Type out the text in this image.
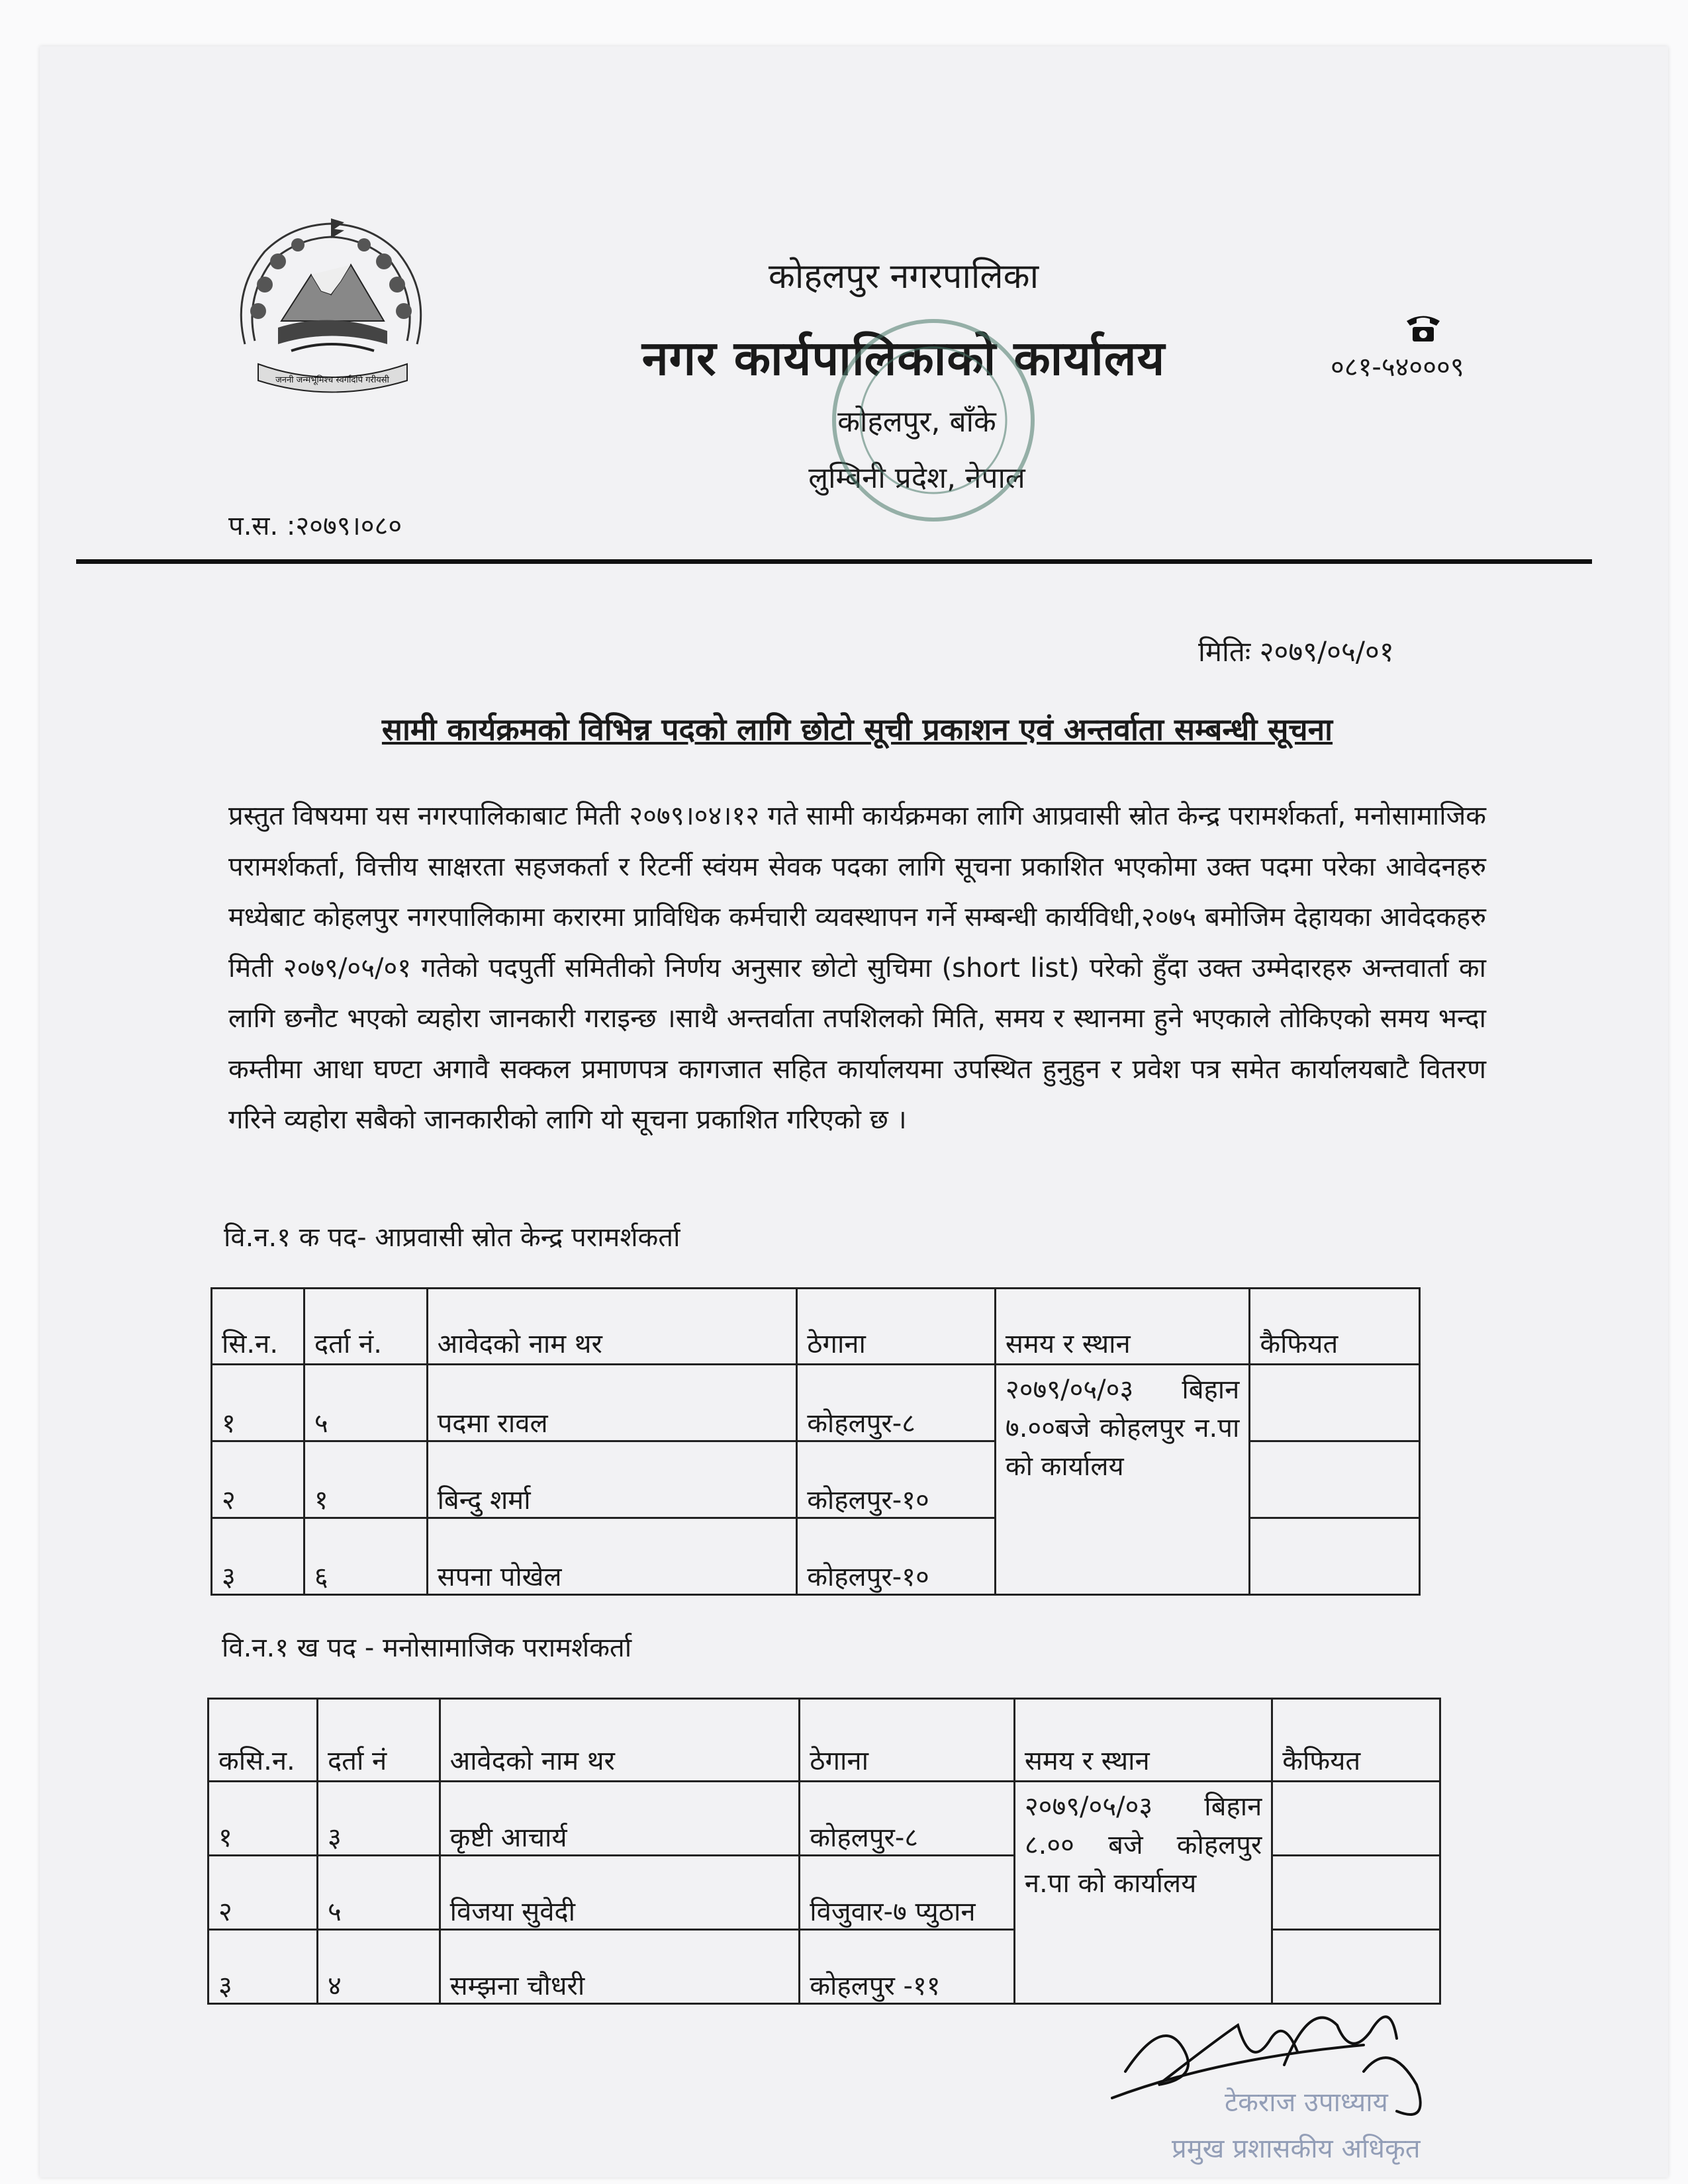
जननी जन्मभूमिश्च स्वर्गादपि गरीयसी
कोहलपुर नगरपालिका
नगर कार्यपालिकाको कार्यालय
कोहलपुर, बाँके
लुम्बिनी प्रदेश, नेपाल
०८१-५४०००९
प.स. :२०७९।०८०
मितिः २०७९/०५/०१
सामी कार्यक्रमको विभिन्न पदको लागि छोटो सूची प्रकाशन एवं अन्तर्वाता सम्बन्धी सूचना
प्रस्तुत विषयमा यस नगरपालिकाबाट मिती २०७९।०४।१२ गते सामी कार्यक्रमका लागि आप्रवासी स्रोत केन्द्र परामर्शकर्ता, मनोसामाजिक परामर्शकर्ता, वित्तीय साक्षरता सहजकर्ता र रिटर्नी स्वंयम सेवक पदका लागि सूचना प्रकाशित भएकोमा उक्त पदमा परेका आवेदनहरु मध्येबाट कोहलपुर नगरपालिकामा करारमा प्राविधिक कर्मचारी व्यवस्थापन गर्ने सम्बन्धी कार्यविधी,२०७५ बमोजिम देहायका आवेदकहरु मिती २०७९/०५/०१ गतेको पदपुर्ती समितीको निर्णय अनुसार छोटो सुचिमा (short list) परेको हुँदा उक्त उम्मेदारहरु अन्तवार्ता का लागि छनौट भएको व्यहोरा जानकारी गराइन्छ ।साथै अन्तर्वाता तपशिलको मिति, समय र स्थानमा हुने भएकाले तोकिएको समय भन्दा कम्तीमा आधा घण्टा अगावै सक्कल प्रमाणपत्र कागजात सहित कार्यालयमा उपस्थित हुनुहुन र प्रवेश पत्र समेत कार्यालयबाटै वितरण गरिने व्यहोरा सबैको जानकारीको लागि यो सूचना प्रकाशित गरिएको छ ।
वि.न.१ क पद- आप्रवासी स्रोत केन्द्र परामर्शकर्ता
सि.न.	दर्ता नं.	आवेदको नाम थर	ठेगाना	समय र स्थान	कैफियत
१	५	पदमा रावल	कोहलपुर-८	२०७९/०५/०३ बिहान ७.००बजे कोहलपुर न.पा को कार्यालय	
२	१	बिन्दु शर्मा	कोहलपुर-१०		
३	६	सपना पोखेल	कोहलपुर-१०		
वि.न.१ ख पद - मनोसामाजिक परामर्शकर्ता
कसि.न.	दर्ता नं	आवेदको नाम थर	ठेगाना	समय र स्थान	कैफियत
१	३	कृष्टी आचार्य	कोहलपुर-८	२०७९/०५/०३ बिहान ८.०० बजे कोहलपुर न.पा को कार्यालय	
२	५	विजया सुवेदी	विजुवार-७ प्युठान		
३	४	सम्झना चौधरी	कोहलपुर -११		
टेकराज उपाध्याय
प्रमुख प्रशासकीय अधिकृत
